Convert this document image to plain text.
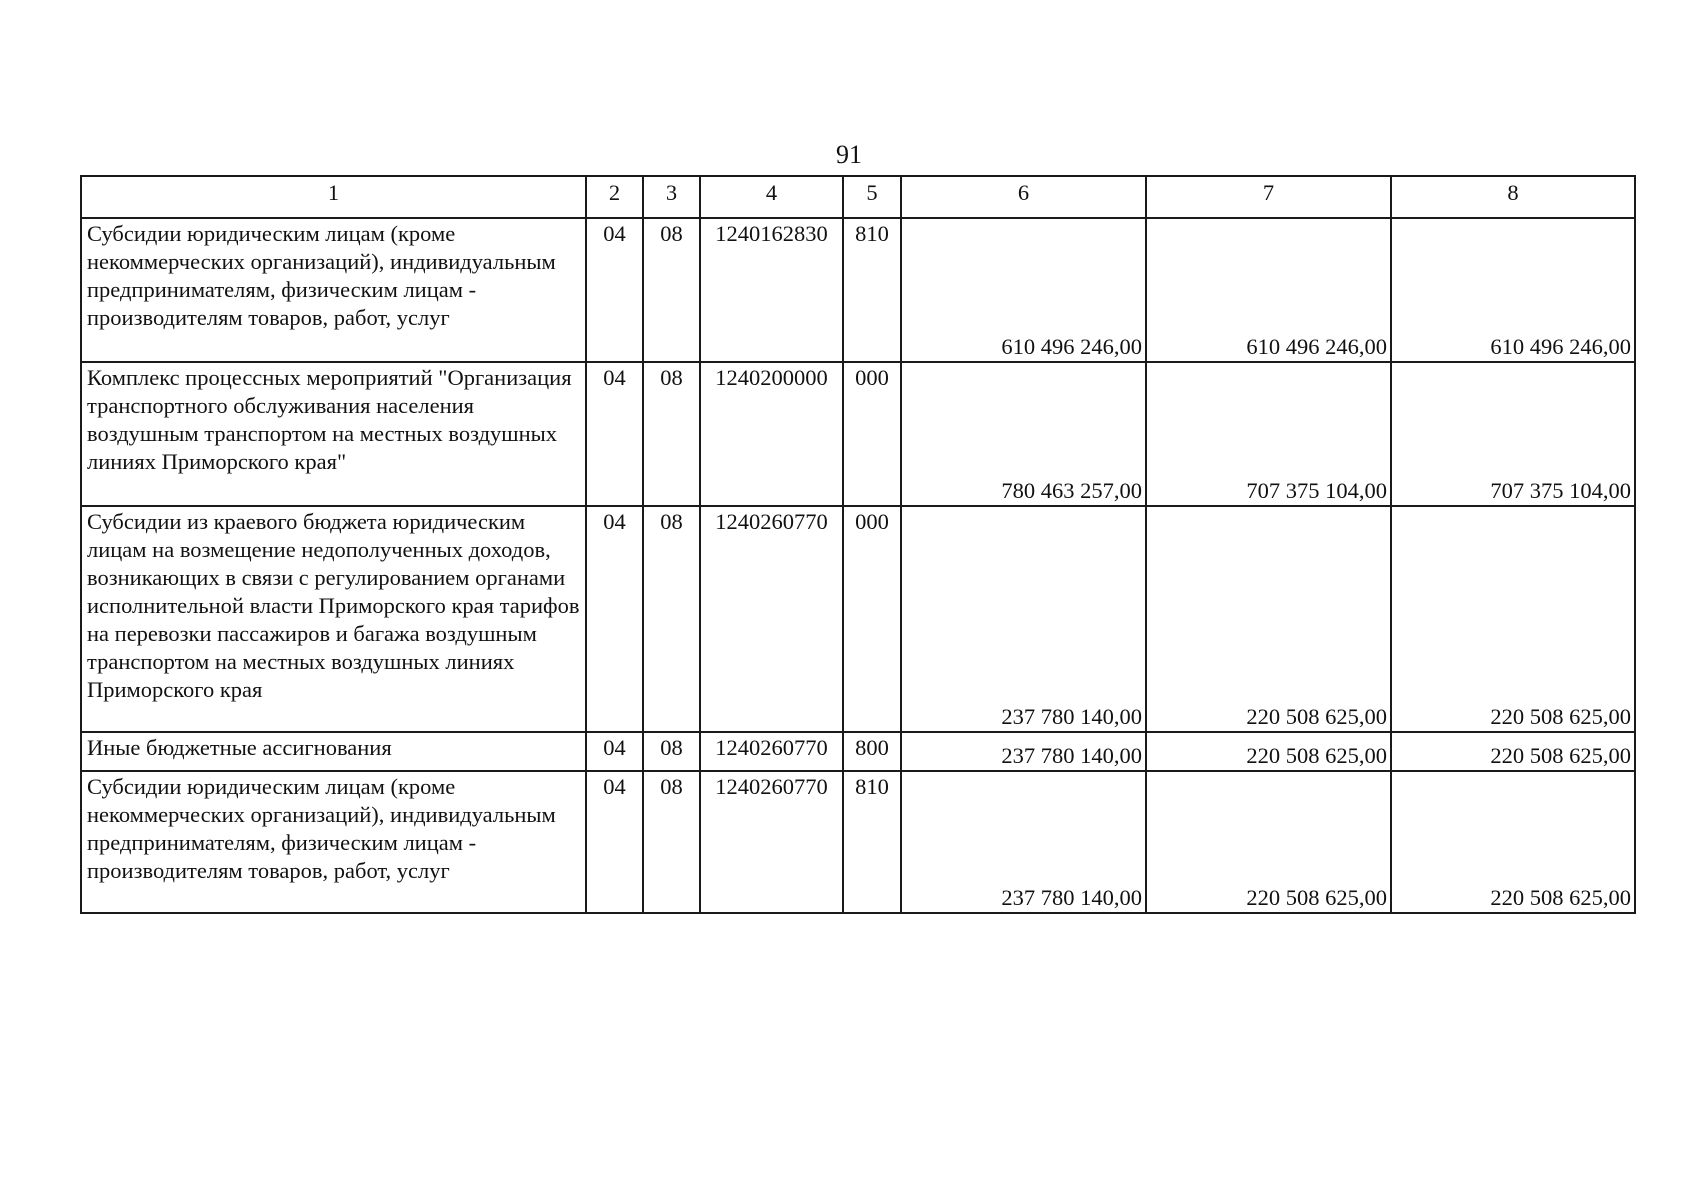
91
1	2	3	4	5	6	7	8
Субсидии юридическим лицам (кроме некоммерческих организаций), индивидуальным предпринимателям, физическим лицам - производителям товаров, работ, услуг	04	08	1240162830	810	610 496 246,00	610 496 246,00	610 496 246,00
Комплекс процессных мероприятий "Организация транспортного обслуживания населения воздушным транспортом на местных воздушных линиях Приморского края"	04	08	1240200000	000	780 463 257,00	707 375 104,00	707 375 104,00
Субсидии из краевого бюджета юридическим лицам на возмещение недополученных доходов, возникающих в связи с регулированием органами исполнительной власти Приморского края тарифов на перевозки пассажиров и багажа воздушным транспортом на местных воздушных линиях Приморского края	04	08	1240260770	000	237 780 140,00	220 508 625,00	220 508 625,00
Иные бюджетные ассигнования	04	08	1240260770	800	237 780 140,00	220 508 625,00	220 508 625,00
Субсидии юридическим лицам (кроме некоммерческих организаций), индивидуальным предпринимателям, физическим лицам - производителям товаров, работ, услуг	04	08	1240260770	810	237 780 140,00	220 508 625,00	220 508 625,00
